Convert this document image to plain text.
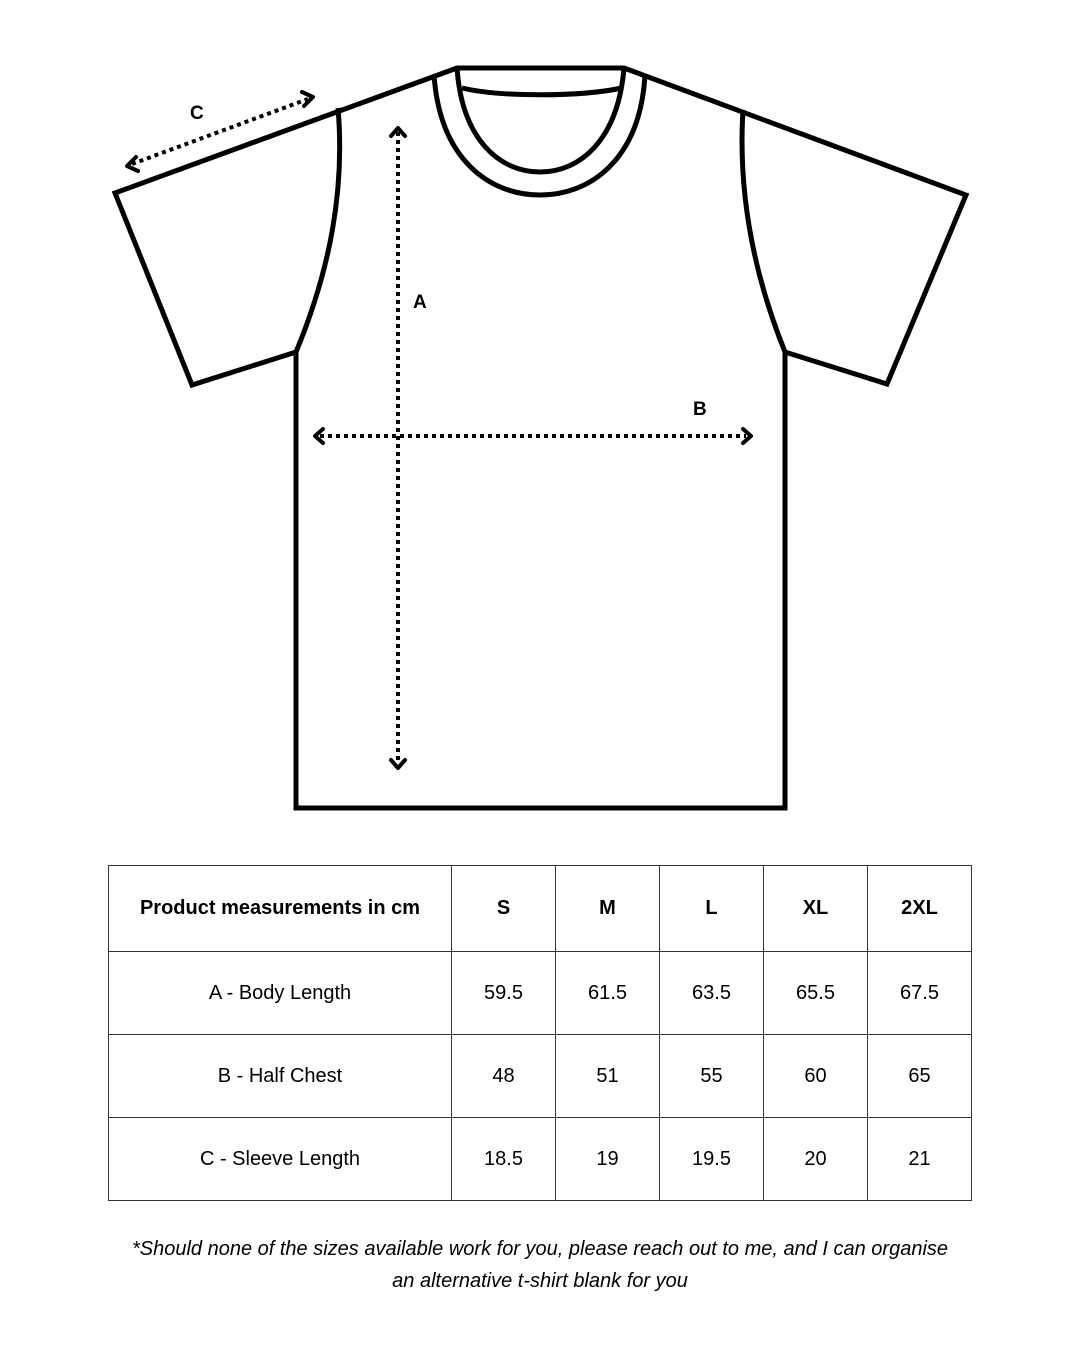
A
B
C
Product measurements in cm	S	M	L	XL	2XL
A - Body Length	59.5	61.5	63.5	65.5	67.5
B - Half Chest	48	51	55	60	65
C - Sleeve Length	18.5	19	19.5	20	21
*Should none of the sizes available work for you, please reach out to me, and I can organise
an alternative t-shirt blank for you
